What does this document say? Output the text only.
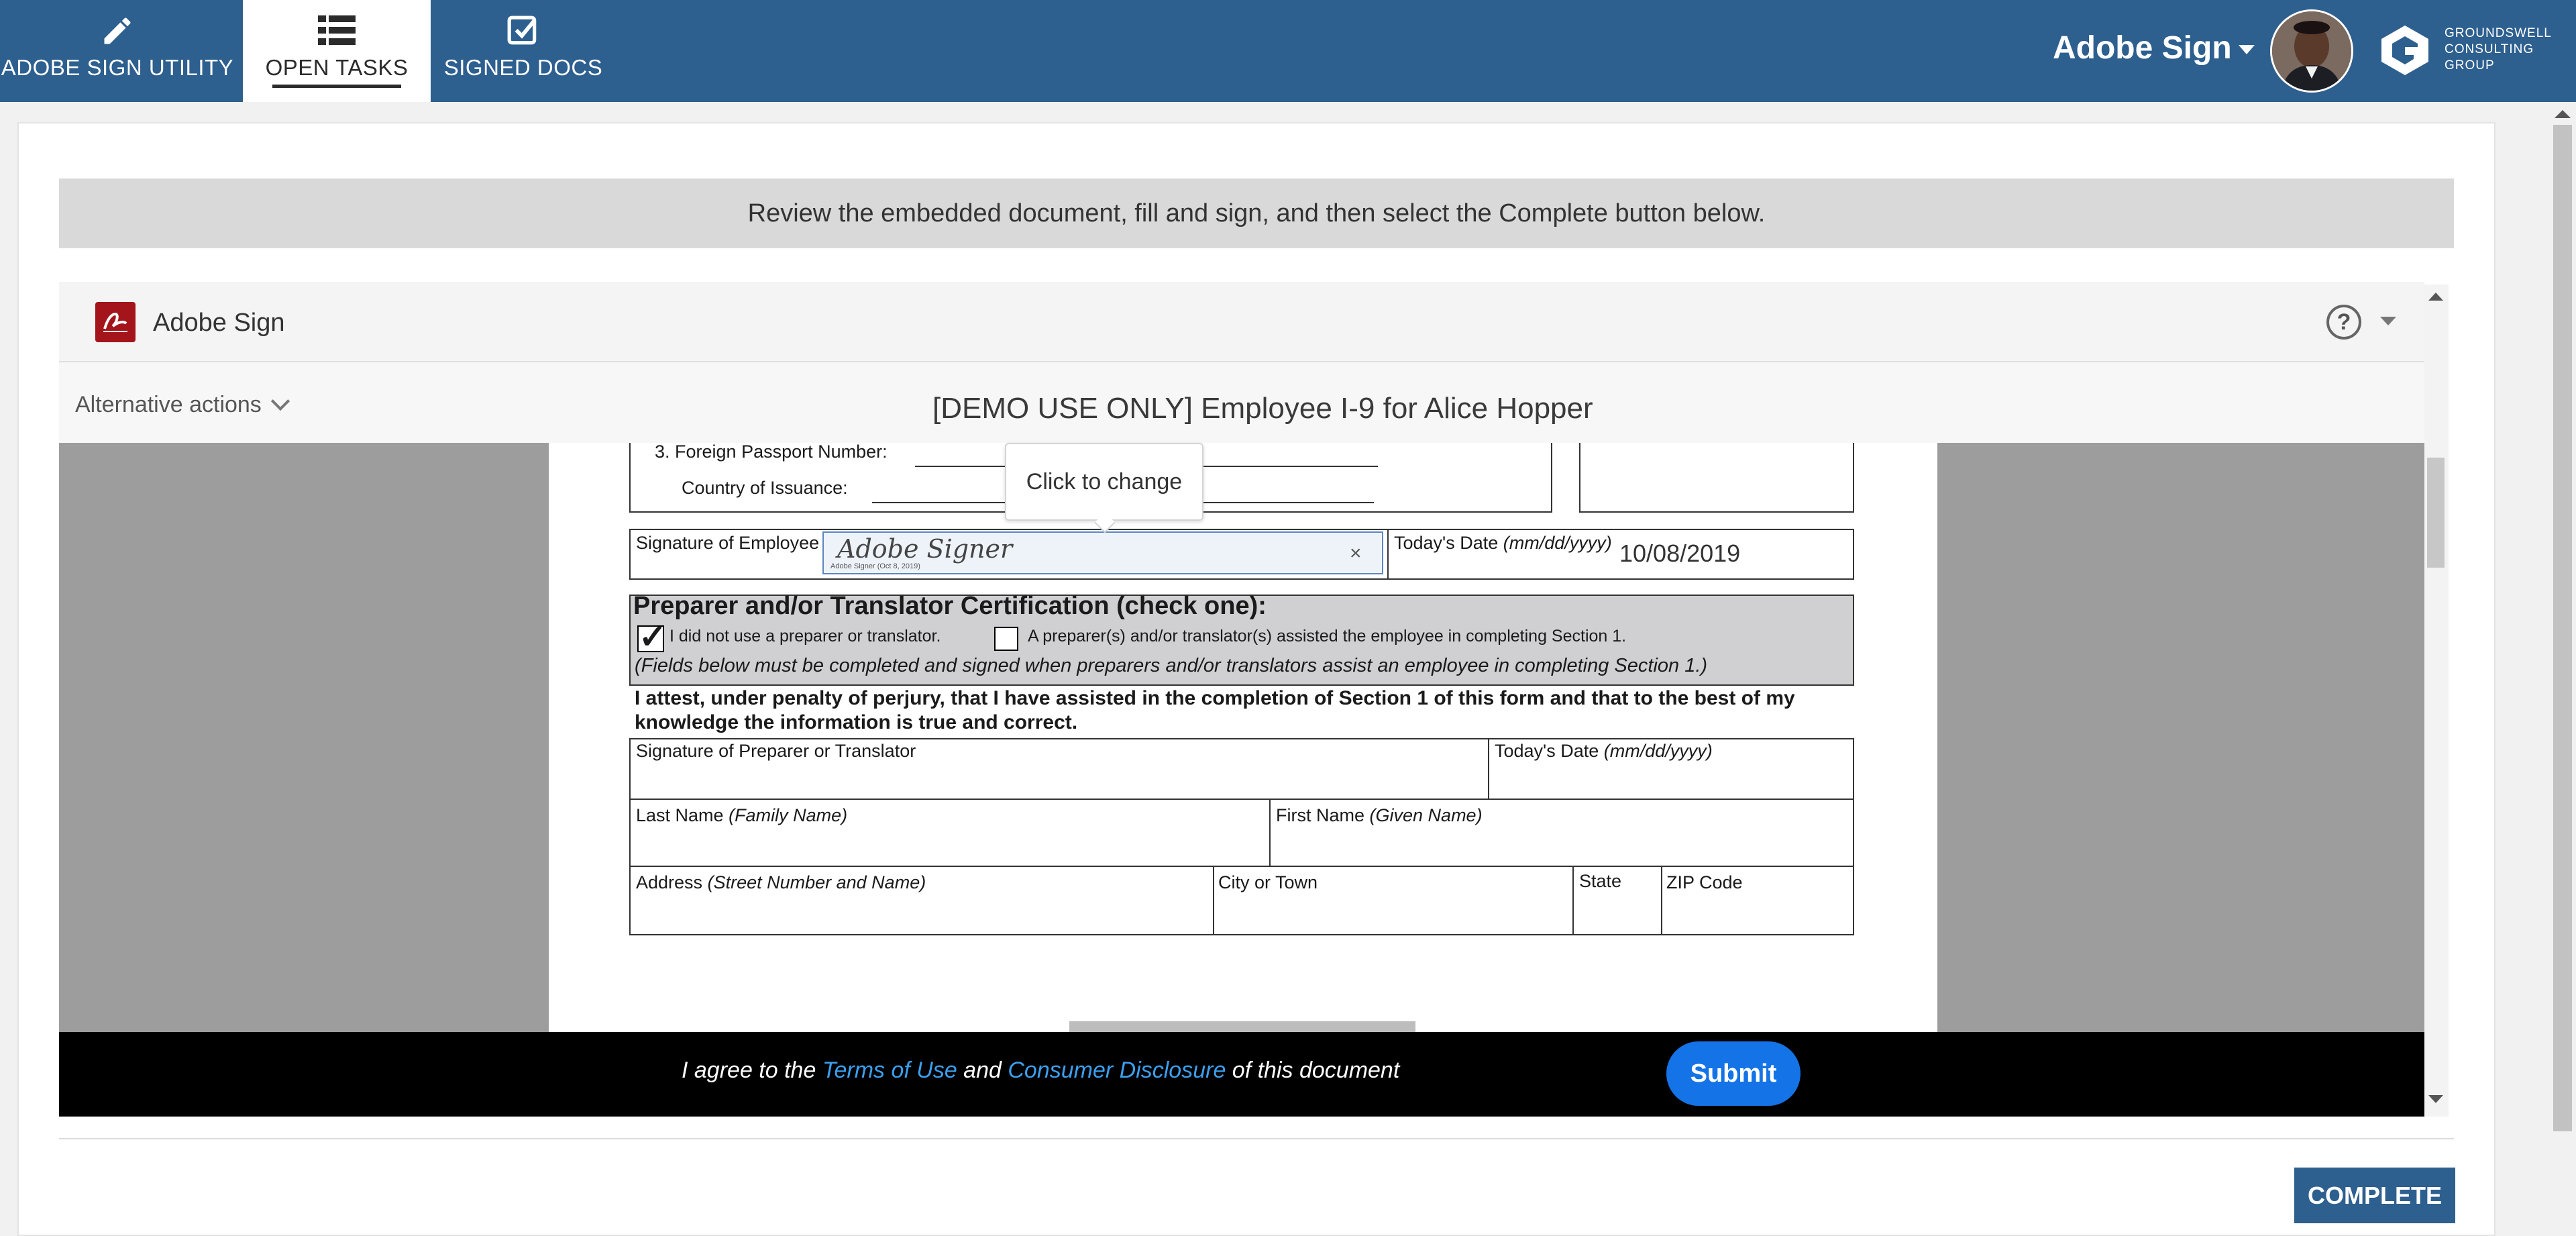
ADOBE SIGN UTILITY	OPEN TASKS	SIGNED DOCS
Adobe Sign	GROUNDSWELL
CONSULTING
GROUP
Review the embedded document, fill and sign, and then select the Complete button below.
Adobe Sign	?
Alternative actions	[DEMO USE ONLY] Employee I-9 for Alice Hopper
3. Foreign Passport Number:
Country of Issuance:
Signature of Employee	Today's Date (mm/dd/yyyy)
Adobe Signer
Adobe Signer (Oct 8, 2019)
×	10/08/2019
Preparer and/or Translator Certification (check one):
✓ I did not use a preparer or translator.	A preparer(s) and/or translator(s) assisted the employee in completing Section 1.
(Fields below must be completed and signed when preparers and/or translators assist an employee in completing Section 1.)
I attest, under penalty of perjury, that I have assisted in the completion of Section 1 of this form and that to the best of my
knowledge the information is true and correct.
Signature of Preparer or Translator	Today's Date (mm/dd/yyyy)
Last Name (Family Name)	First Name (Given Name)
Address (Street Number and Name)	City or Town	State ZIP Code
Click to change
I agree to the Terms of Use and Consumer Disclosure of this document	Submit
COMPLETE
